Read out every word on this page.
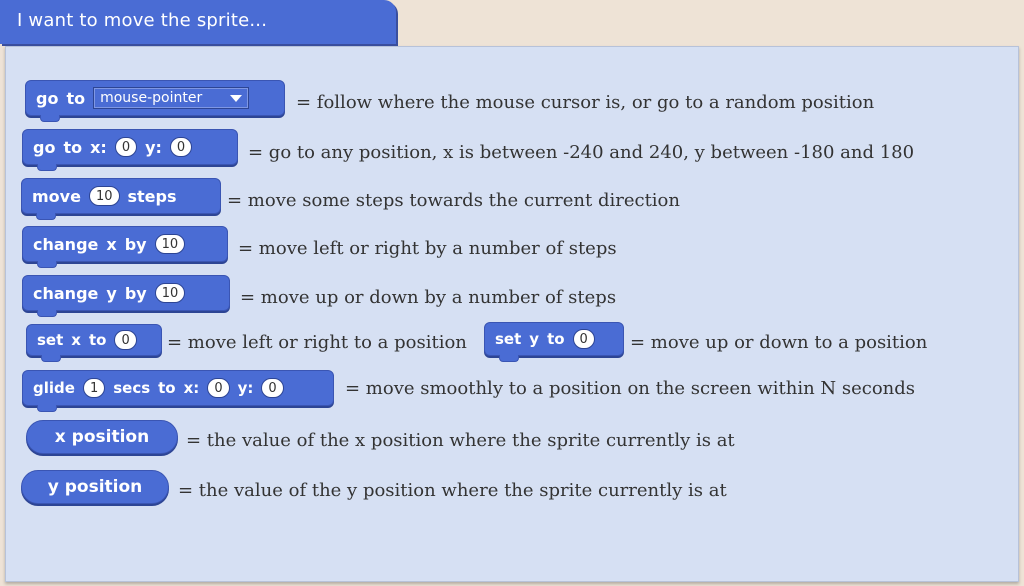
I want to move the sprite...
go to mouse-pointer	= follow where the mouse cursor is, or go to a random position
go to x:	0 y:	0	= go to any position, x is between -240 and 240, y between -180 and 180
move	10 steps	= move some steps towards the current direction
change x by	10	= move left or right by a number of steps
change y by	10	= move up or down by a number of steps
set x to	0	= move left or right to a position set y to	0	= move up or down to a position
glide	1	secs to x:	0	y:	0	= move smoothly to a position on the screen within N seconds
x position = the value of the x position where the sprite currently is at
y position = the value of the y position where the sprite currently is at
